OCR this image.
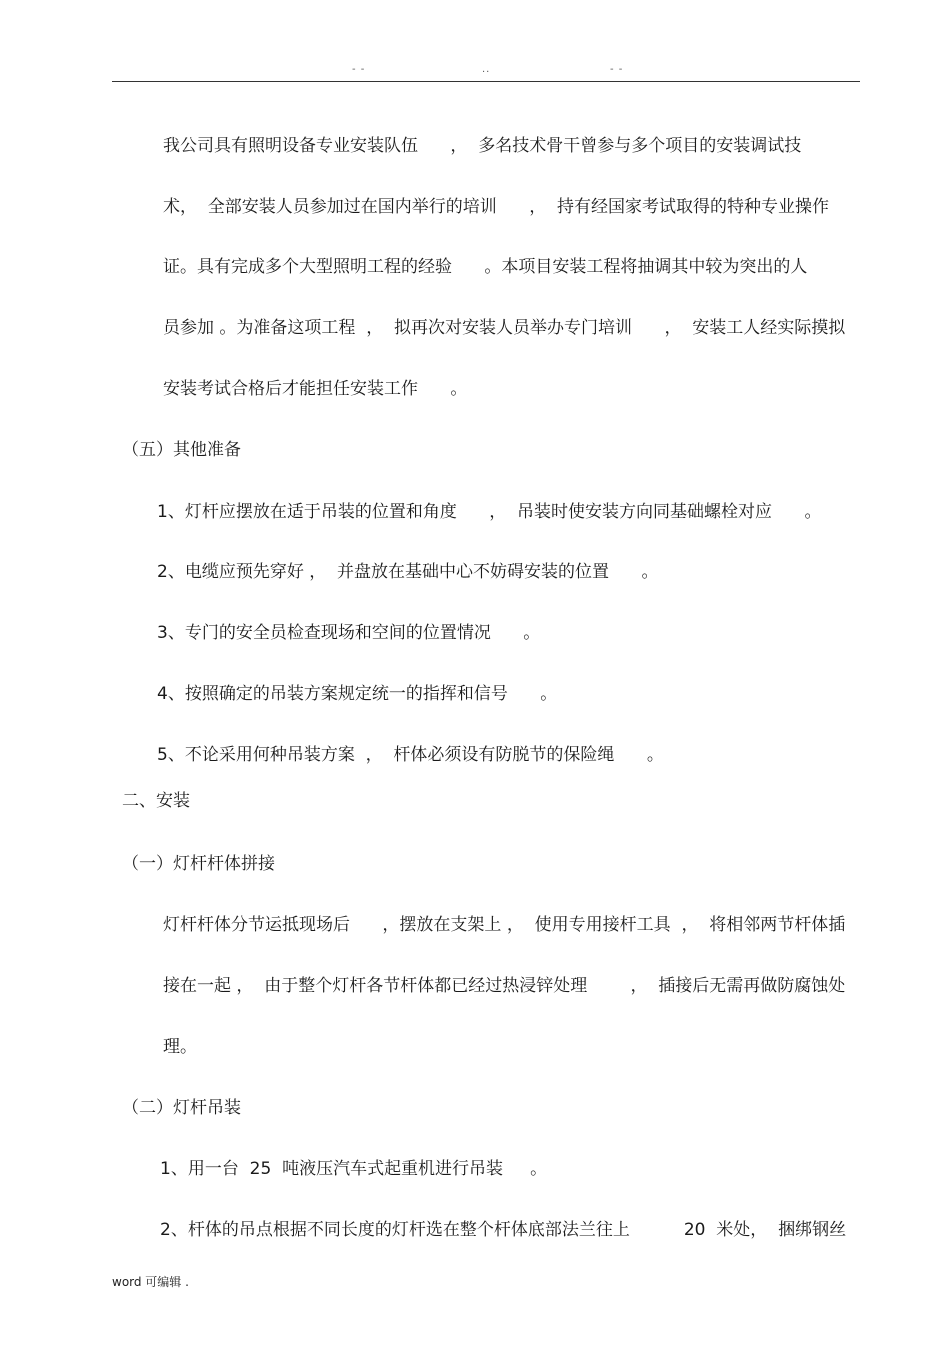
- -	..	- -
我公司具有照明设备专业安装队伍      ，  多名技术骨干曾参与多个项目的安装调试技
术，  全部安装人员参加过在国内举行的培训      ，  持有经国家考试取得的特种专业操作
证。具有完成多个大型照明工程的经验      。本项目安装工程将抽调其中较为突出的人
员参加 。为准备这项工程  ，  拟再次对安装人员举办专门培训      ，  安装工人经实际摸拟
安装考试合格后才能担任安装工作      。
（五）其他准备
1、灯杆应摆放在适于吊装的位置和角度      ，  吊装时使安装方向同基础螺栓对应      。
2、电缆应预先穿好 ，  并盘放在基础中心不妨碍安装的位置      。
3、专门的安全员检查现场和空间的位置情况      。
4、按照确定的吊装方案规定统一的指挥和信号      。
5、不论采用何种吊装方案  ，  杆体必须设有防脱节的保险绳      。
二、安装
（一）灯杆杆体拼接
灯杆杆体分节运抵现场后      ，摆放在支架上 ，  使用专用接杆工具  ，  将相邻两节杆体插
接在一起 ，  由于整个灯杆各节杆体都已经过热浸锌处理        ，  插接后无需再做防腐蚀处
理。
（二）灯杆吊装
1、用一台  25  吨液压汽车式起重机进行吊装     。
2、杆体的吊点根据不同长度的灯杆选在整个杆体底部法兰往上          20  米处，  捆绑钢丝
word 可编辑 .
